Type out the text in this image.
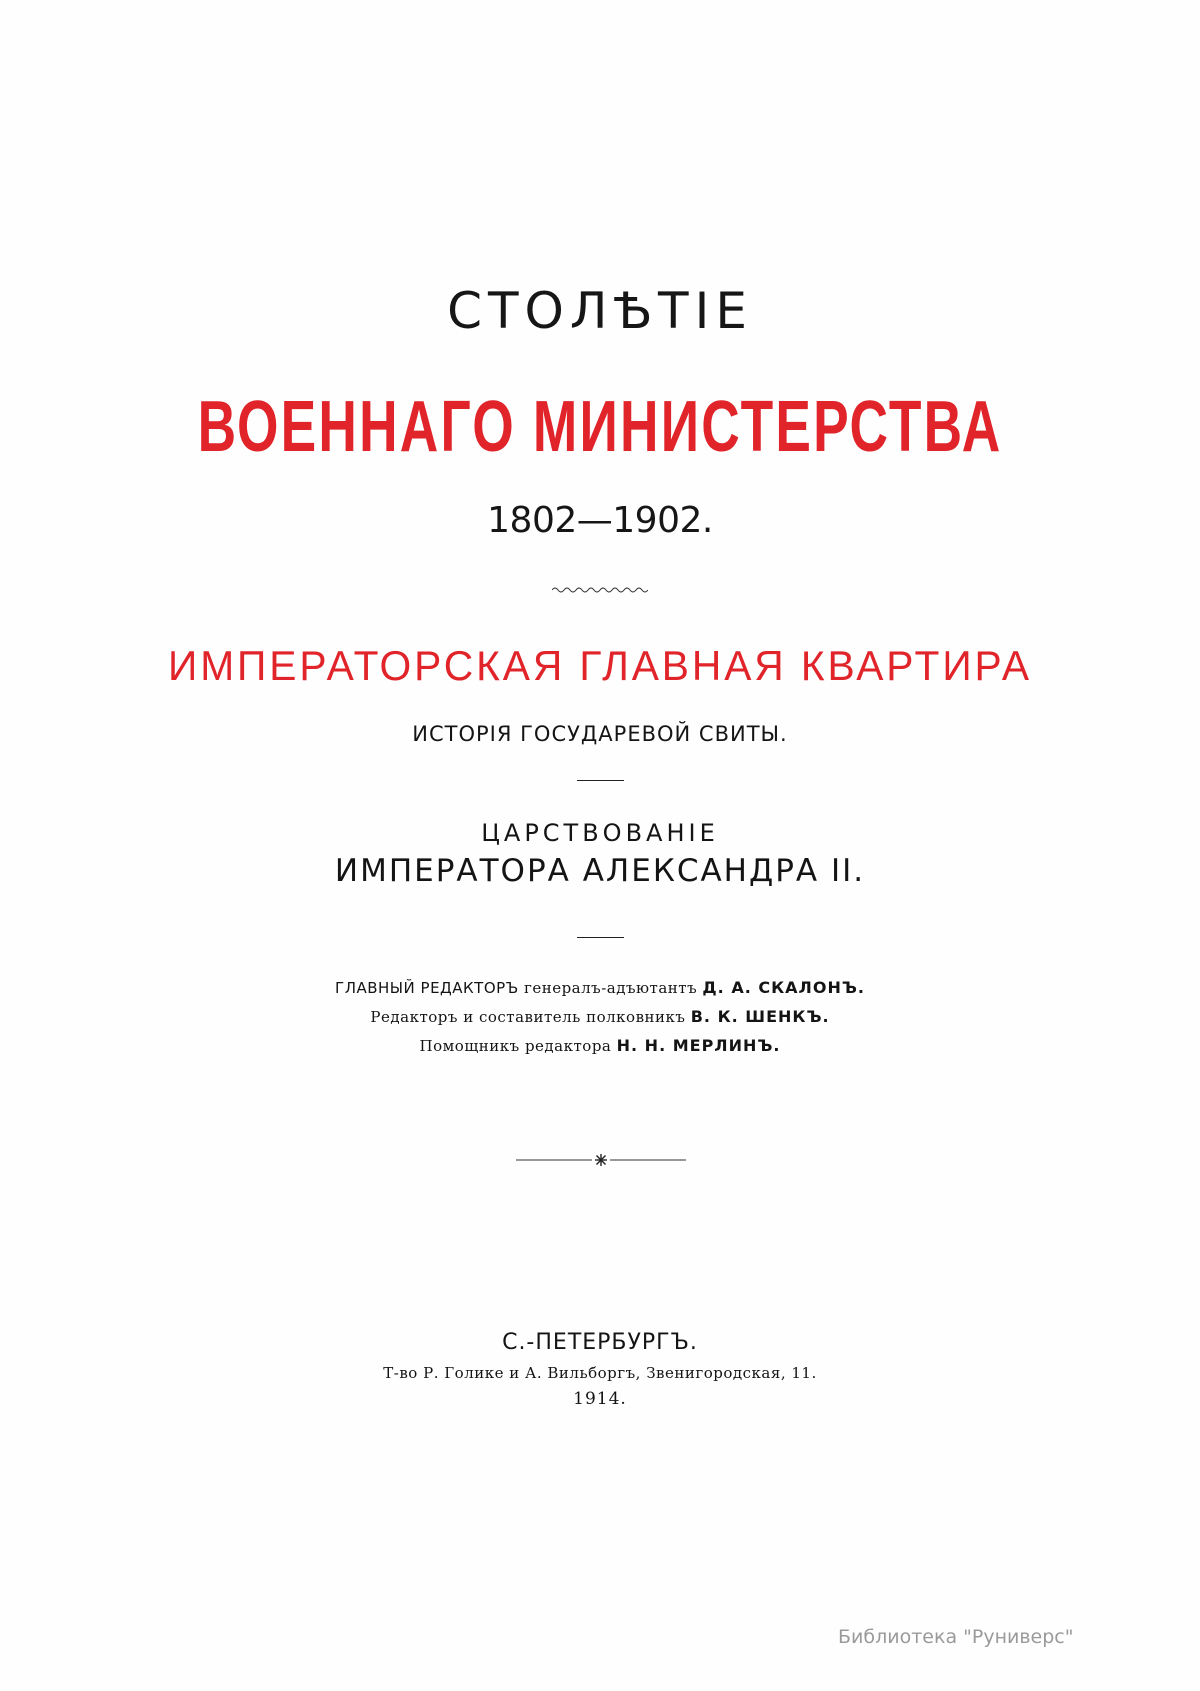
СТОЛѢТIE
ВОЕННАГО МИНИСТЕРСТВА
1802—1902.
ИМПЕРАТОРСКАЯ ГЛАВНАЯ КВАРТИРА
ИСТОРIЯ ГОСУДАРЕВОЙ СВИТЫ.
ЦАРСТВОВАНIE
ИМПЕРАТОРА АЛЕКСАНДРА II.
ГЛАВНЫЙ РЕДАКТОРЪ генералъ-адъютантъ Д. А. СКАЛОНЪ.
Редакторъ и составитель полковникъ В. К. ШЕНКЪ.
Помощникъ редактора Н. Н. МЕРЛИНЪ.
С.-ПЕТЕРБУРГЪ.
Т-во Р. Голике и А. Вильборгъ, Звенигородская, 11.
1914.
Библиотека "Руниверс"
